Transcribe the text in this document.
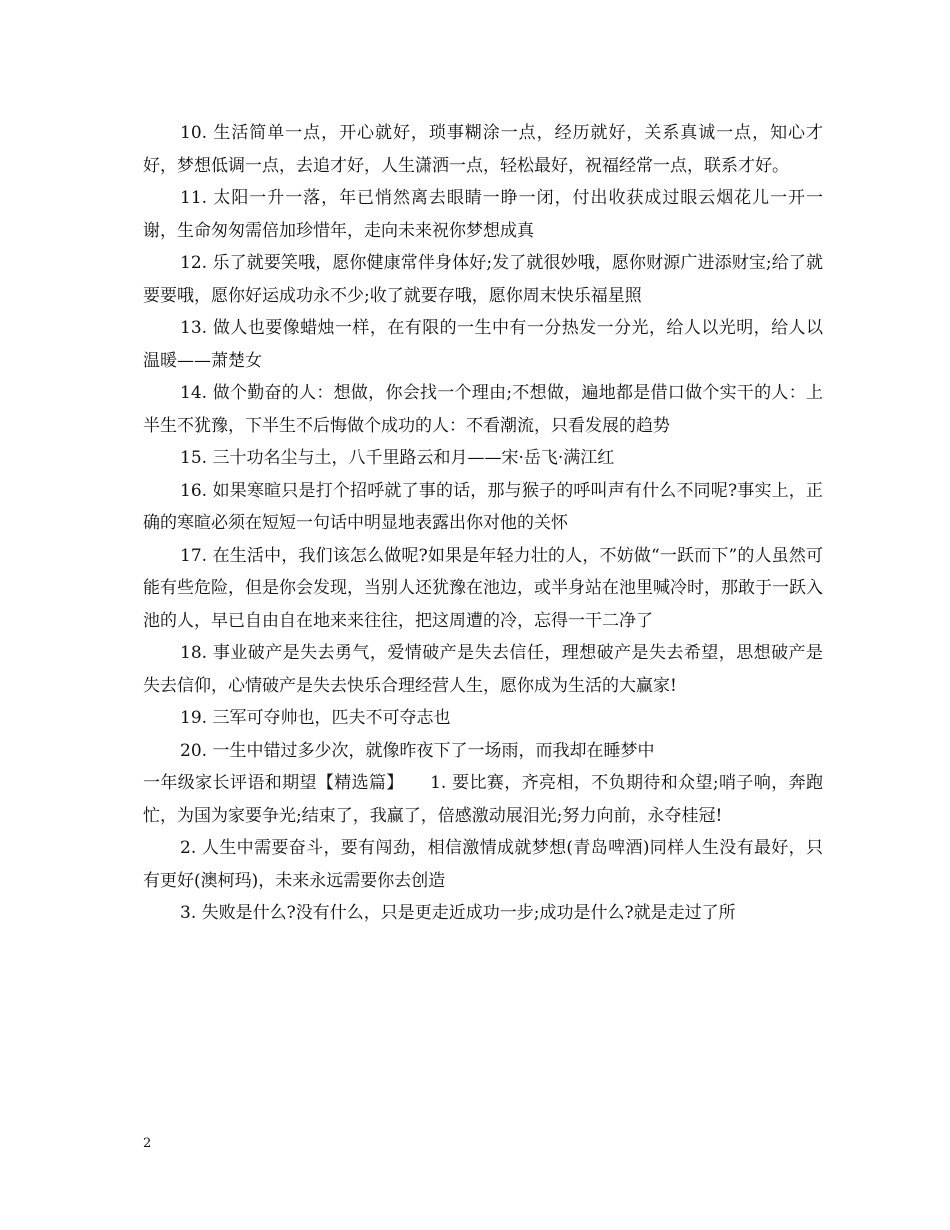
10. 生活简单一点，开心就好，琐事糊涂一点，经历就好，关系真诚一点，知心才好，梦想低调一点，去追才好，人生潇洒一点，轻松最好，祝福经常一点，联系才好。

11. 太阳一升一落，年已悄然离去眼睛一睁一闭，付出收获成过眼云烟花儿一开一谢，生命匆匆需倍加珍惜年，走向未来祝你梦想成真

12. 乐了就要笑哦，愿你健康常伴身体好;发了就很妙哦，愿你财源广进添财宝;给了就要要哦，愿你好运成功永不少;收了就要存哦，愿你周末快乐福星照

13. 做人也要像蜡烛一样，在有限的一生中有一分热发一分光，给人以光明，给人以温暖——萧楚女

14. 做个勤奋的人：想做，你会找一个理由;不想做，遍地都是借口做个实干的人：上半生不犹豫，下半生不后悔做个成功的人：不看潮流，只看发展的趋势

15. 三十功名尘与土，八千里路云和月——宋·岳飞·满江红

16. 如果寒暄只是打个招呼就了事的话，那与猴子的呼叫声有什么不同呢?事实上，正确的寒暄必须在短短一句话中明显地表露出你对他的关怀

17. 在生活中，我们该怎么做呢?如果是年轻力壮的人，不妨做“一跃而下”的人虽然可能有些危险，但是你会发现，当别人还犹豫在池边，或半身站在池里喊冷时，那敢于一跃入池的人，早已自由自在地来来往往，把这周遭的冷，忘得一干二净了

18. 事业破产是失去勇气，爱情破产是失去信任，理想破产是失去希望，思想破产是失去信仰，心情破产是失去快乐合理经营人生，愿你成为生活的大赢家!

19. 三军可夺帅也，匹夫不可夺志也

20. 一生中错过多少次，就像昨夜下了一场雨，而我却在睡梦中

一年级家长评语和期望【精选篇】　　1. 要比赛，齐亮相，不负期待和众望;哨子响，奔跑忙，为国为家要争光;结束了，我赢了，倍感激动展泪光;努力向前，永夺桂冠!

2. 人生中需要奋斗，要有闯劲，相信激情成就梦想(青岛啤酒)同样人生没有最好，只有更好(澳柯玛)，未来永远需要你去创造

3. 失败是什么?没有什么，只是更走近成功一步;成功是什么?就是走过了所

2
